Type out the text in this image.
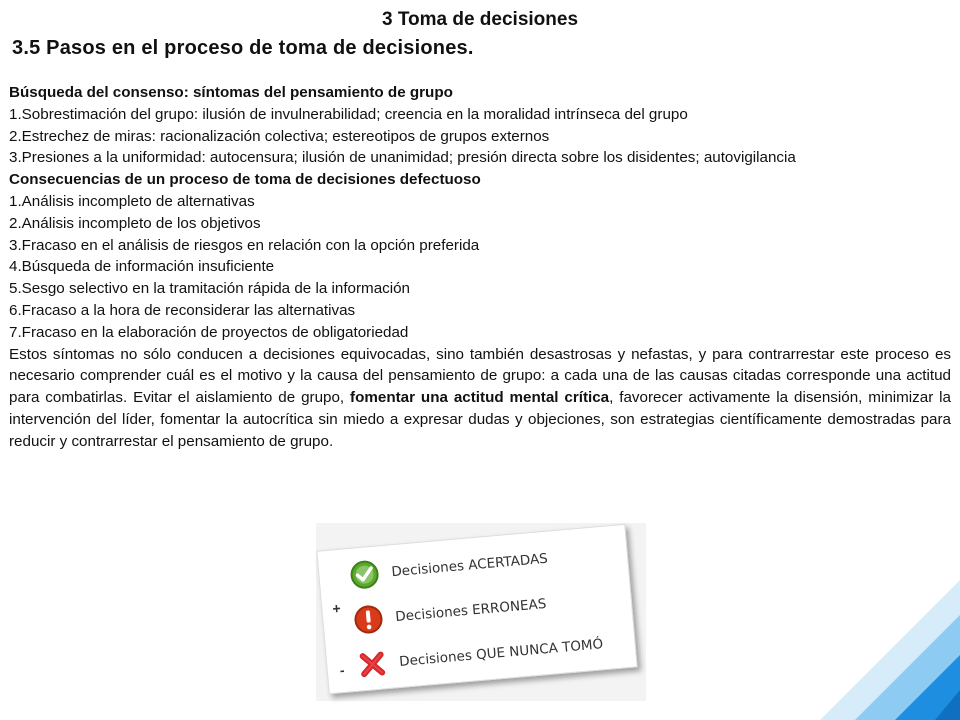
3 Toma de decisiones
3.5 Pasos en el proceso de toma de decisiones.

Búsqueda del consenso: síntomas del pensamiento de grupo

1.Sobrestimación del grupo: ilusión de invulnerabilidad; creencia en la moralidad intrínseca del grupo

2.Estrechez de miras: racionalización colectiva; estereotipos de grupos externos

3.Presiones a la uniformidad: autocensura; ilusión de unanimidad; presión directa sobre los disidentes; autovigilancia

Consecuencias de un proceso de toma de decisiones defectuoso

1.Análisis incompleto de alternativas

2.Análisis incompleto de los objetivos

3.Fracaso en el análisis de riesgos en relación con la opción preferida

4.Búsqueda de información insuficiente

5.Sesgo selectivo en la tramitación rápida de la información

6.Fracaso a la hora de reconsiderar las alternativas

7.Fracaso en la elaboración de proyectos de obligatoriedad

Estos síntomas no sólo conducen a decisiones equivocadas, sino también desastrosas y nefastas, y para contrarrestar este proceso es necesario comprender cuál es el motivo y la causa del pensamiento de grupo: a cada una de las causas citadas corresponde una actitud para combatirlas. Evitar el aislamiento de grupo, fomentar una actitud mental crítica, favorecer activamente la disensión, minimizar la intervención del líder, fomentar la autocrítica sin miedo a expresar dudas y objeciones, son estrategias científicamente demostradas para reducir y contrarrestar el pensamiento de grupo.

+
-
Decisiones ACERTADAS
Decisiones ERRONEAS
Decisiones QUE NUNCA TOMÓ
